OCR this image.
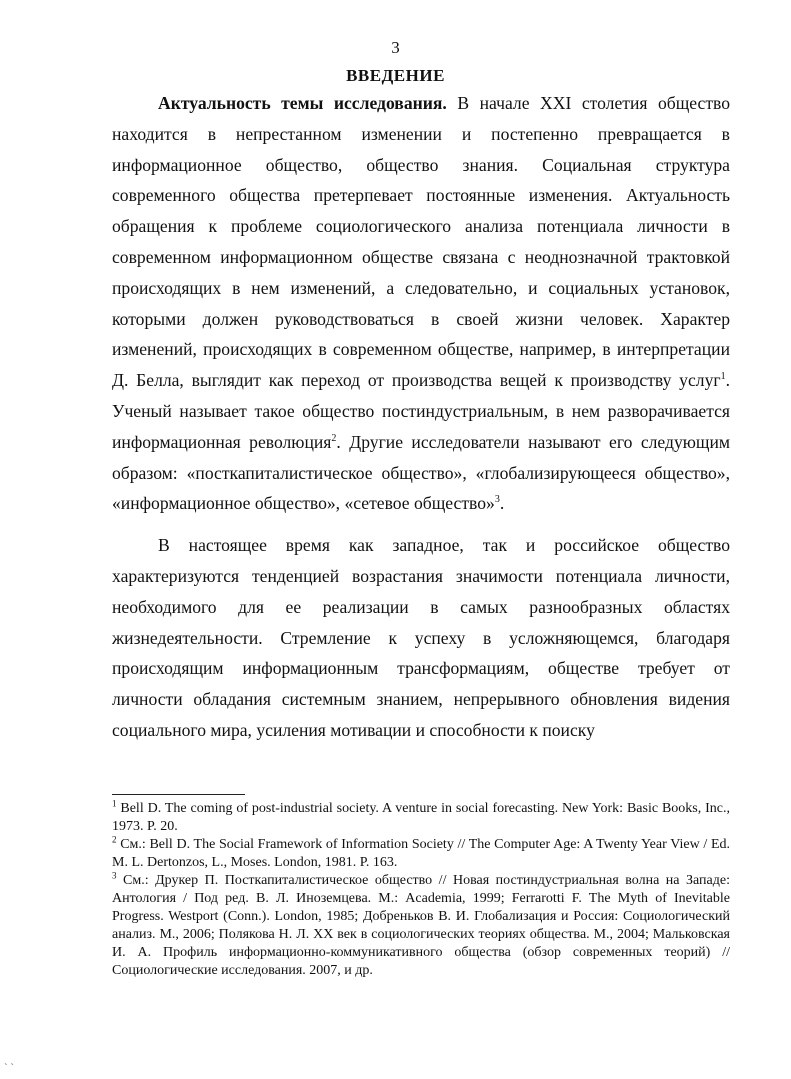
3
ВВЕДЕНИЕ

Актуальность темы исследования. В начале XXI столетия общество находится в непрестанном изменении и постепенно превращается в информационное общество, общество знания. Социальная структура современного общества претерпевает постоянные изменения. Актуальность обращения к проблеме социологического анализа потенциала личности в современном информационном обществе связана с неоднозначной трактовкой происходящих в нем изменений, а следовательно, и социальных установок, которыми должен руководствоваться в своей жизни человек. Характер изменений, происходящих в современном обществе, например, в интерпретации Д. Белла, выглядит как переход от производства вещей к производству услуг$^1$. Ученый называет такое общество постиндустриальным, в нем разворачивается информационная революция$^2$. Другие исследователи называют его следующим образом: «посткапиталистическое общество», «глобализирующееся общество», «информационное общество», «сетевое общество»$^3$.

В настоящее время как западное, так и российское общество характеризуются тенденцией возрастания значимости потенциала личности, необходимого для ее реализации в самых разнообразных областях жизнедеятельности. Стремление к успеху в усложняющемся, благодаря происходящим информационным трансформациям, обществе требует от личности обладания системным знанием, непрерывного обновления видения социального мира, усиления мотивации и способности к поиску

$^1$ Bell D. The coming of post-industrial society. A venture in social forecasting. New York: Basic Books, Inc., 1973. P. 20.

$^2$ См.: Bell D. The Social Framework of Information Society // The Computer Age: A Twenty Year View / Ed. M. L. Dertonzos, L., Moses. London, 1981. P. 163.

$^3$ См.: Друкер П. Посткапиталистическое общество // Новая постиндустриальная волна на Западе: Антология / Под ред. В. Л. Иноземцева. М.: Academia, 1999; Ferrarotti F. The Myth of Inevitable Progress. Westport (Conn.). London, 1985; Добреньков В. И. Глобализация и Россия: Социологический анализ. М., 2006; Полякова Н. Л. XX век в социологических теориях общества. М., 2004; Мальковская И. А. Профиль информационно-коммуникативного общества (обзор современных теорий) // Социологические исследования. 2007, и др.

` `
